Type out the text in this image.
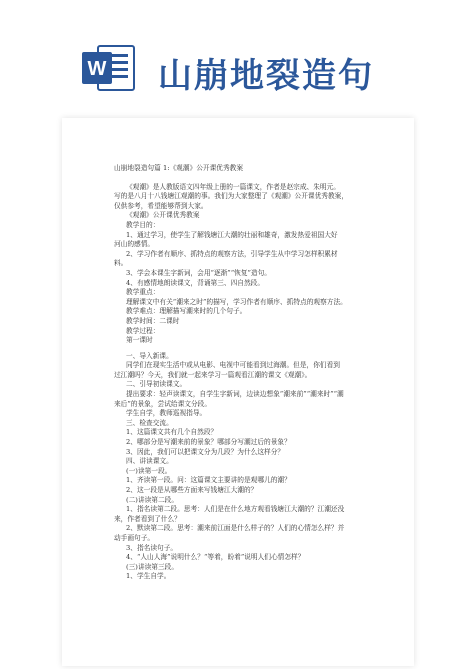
W 山崩地裂造句
山崩地裂造句篇 1:《观潮》公开课优秀教案
《观潮》是人教版语文四年级上册的一篇课文，作者是赵宗成、朱明元。
写的是八月十八钱塘江观潮的事。我们为大家整理了《观潮》公开课优秀教案，
仅供参考，希望能够帮到大家。
《观潮》公开课优秀教案
教学目的：
1、通过学习，使学生了解钱塘江大潮的壮丽和雄奇，激发热爱祖国大好
河山的感情。
2、学习作者有顺序、抓特点的观察方法，引导学生从中学习怎样积累材
料。
3、学会本课生字新词，会用“逐渐”“恢复”造句。
4、有感情地朗读课文，背诵第三、四自然段。
教学重点：
理解课文中有关“潮来之时”的描写，学习作者有顺序、抓特点的观察方法。
教学难点：理解描写潮来时的几个句子。
教学时间：二课时
教学过程：
第一课时
一、导入新课。
同学们在现实生活中或从电影、电视中可能看到过海潮。但是，你们看到
过江潮吗？今天，我们就一起来学习一篇观看江潮的课文《观潮》。
二、引导初读课文。
提出要求：轻声读课文，自学生字新词，边读边想象“潮来前”“潮来时”“潮
来后”的景象，尝试给课文分段。
学生自学，教师巡视指导。
三、检查交流。
1、这篇课文共有几个自然段？
2、哪部分是写潮来前的景象？哪部分写潮过后的景象？
3、因此，我们可以把课文分为几段？为什么这样分？
四、讲读课文。
(一)读第一段。
1、齐读第一段。问：这篇课文主要讲的是观哪儿的潮？
2、这一段是从哪些方面来写钱塘江大潮的？
(二)讲读第二段。
1、指名读第二段。思考：人们是在什么地方观看钱塘江大潮的？江潮还没
来，作者看到了什么？
2、默读第二段。思考：潮来前江面是什么样子的？人们的心情怎么样？并
动手画句子。
3、指名读句子。
4、“人山人海”说明什么？“等着，盼着”说明人们心情怎样？
(三)讲读第三段。
1、学生自学。
